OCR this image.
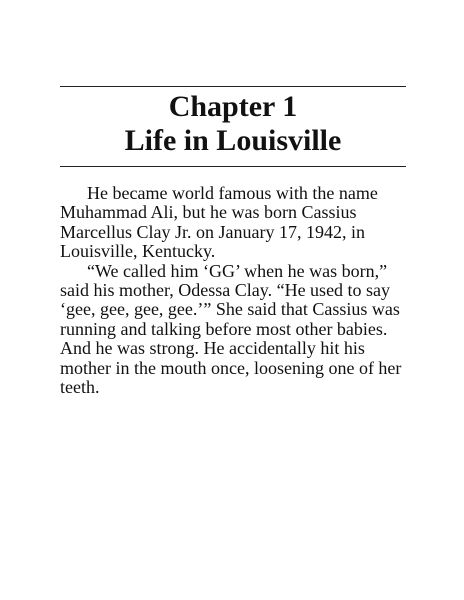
Chapter 1
Life in Louisville

He became world famous with the name Muhammad Ali, but he was born Cassius Marcellus Clay Jr. on January 17, 1942, in Louisville, Kentucky.

“We called him ‘GG’ when he was born,” said his mother, Odessa Clay. “He used to say ‘gee, gee, gee, gee.’” She said that Cassius was running and talking before most other babies. And he was strong. He accidentally hit his mother in the mouth once, loosening one of her teeth.
